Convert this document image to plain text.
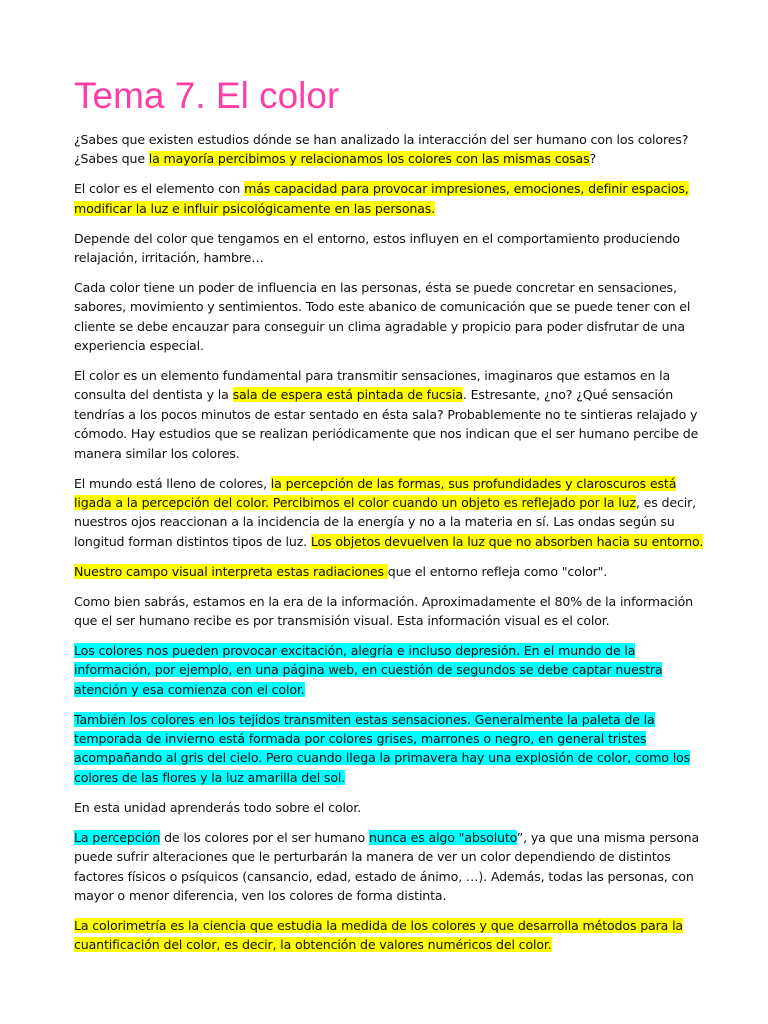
Tema 7. El color

¿Sabes que existen estudios dónde se han analizado la interacción del ser humano con los colores? ¿Sabes que la mayoría percibimos y relacionamos los colores con las mismas cosas?

El color es el elemento con más capacidad para provocar impresiones, emociones, definir espacios, modificar la luz e influir psicológicamente en las personas.

Depende del color que tengamos en el entorno, estos influyen en el comportamiento produciendo relajación, irritación, hambre…

Cada color tiene un poder de influencia en las personas, ésta se puede concretar en sensaciones, sabores, movimiento y sentimientos. Todo este abanico de comunicación que se puede tener con el cliente se debe encauzar para conseguir un clima agradable y propicio para poder disfrutar de una experiencia especial.

El color es un elemento fundamental para transmitir sensaciones, imaginaros que estamos en la consulta del dentista y la sala de espera está pintada de fucsia. Estresante, ¿no? ¿Qué sensación tendrías a los pocos minutos de estar sentado en ésta sala? Probablemente no te sintieras relajado y cómodo. Hay estudios que se realizan periódicamente que nos indican que el ser humano percibe de manera similar los colores.

El mundo está lleno de colores, la percepción de las formas, sus profundidades y claroscuros está ligada a la percepción del color. Percibimos el color cuando un objeto es reflejado por la luz, es decir, nuestros ojos reaccionan a la incidencia de la energía y no a la materia en sí. Las ondas según su longitud forman distintos tipos de luz. Los objetos devuelven la luz que no absorben hacia su entorno.

Nuestro campo visual interpreta estas radiaciones que el entorno refleja como "color".

Como bien sabrás, estamos en la era de la información. Aproximadamente el 80% de la información que el ser humano recibe es por transmisión visual. Esta información visual es el color.

Los colores nos pueden provocar excitación, alegría e incluso depresión. En el mundo de la información, por ejemplo, en una página web, en cuestión de segundos se debe captar nuestra atención y esa comienza con el color.

También los colores en los tejidos transmiten estas sensaciones. Generalmente la paleta de la temporada de invierno está formada por colores grises, marrones o negro, en general tristes acompañando al gris del cielo. Pero cuando llega la primavera hay una explosión de color, como los colores de las flores y la luz amarilla del sol.

En esta unidad aprenderás todo sobre el color.

La percepción de los colores por el ser humano nunca es algo "absoluto”, ya que una misma persona puede sufrir alteraciones que le perturbarán la manera de ver un color dependiendo de distintos factores físicos o psíquicos (cansancio, edad, estado de ánimo, …). Además, todas las personas, con mayor o menor diferencia, ven los colores de forma distinta.

La colorimetría es la ciencia que estudia la medida de los colores y que desarrolla métodos para la cuantificación del color, es decir, la obtención de valores numéricos del color.
